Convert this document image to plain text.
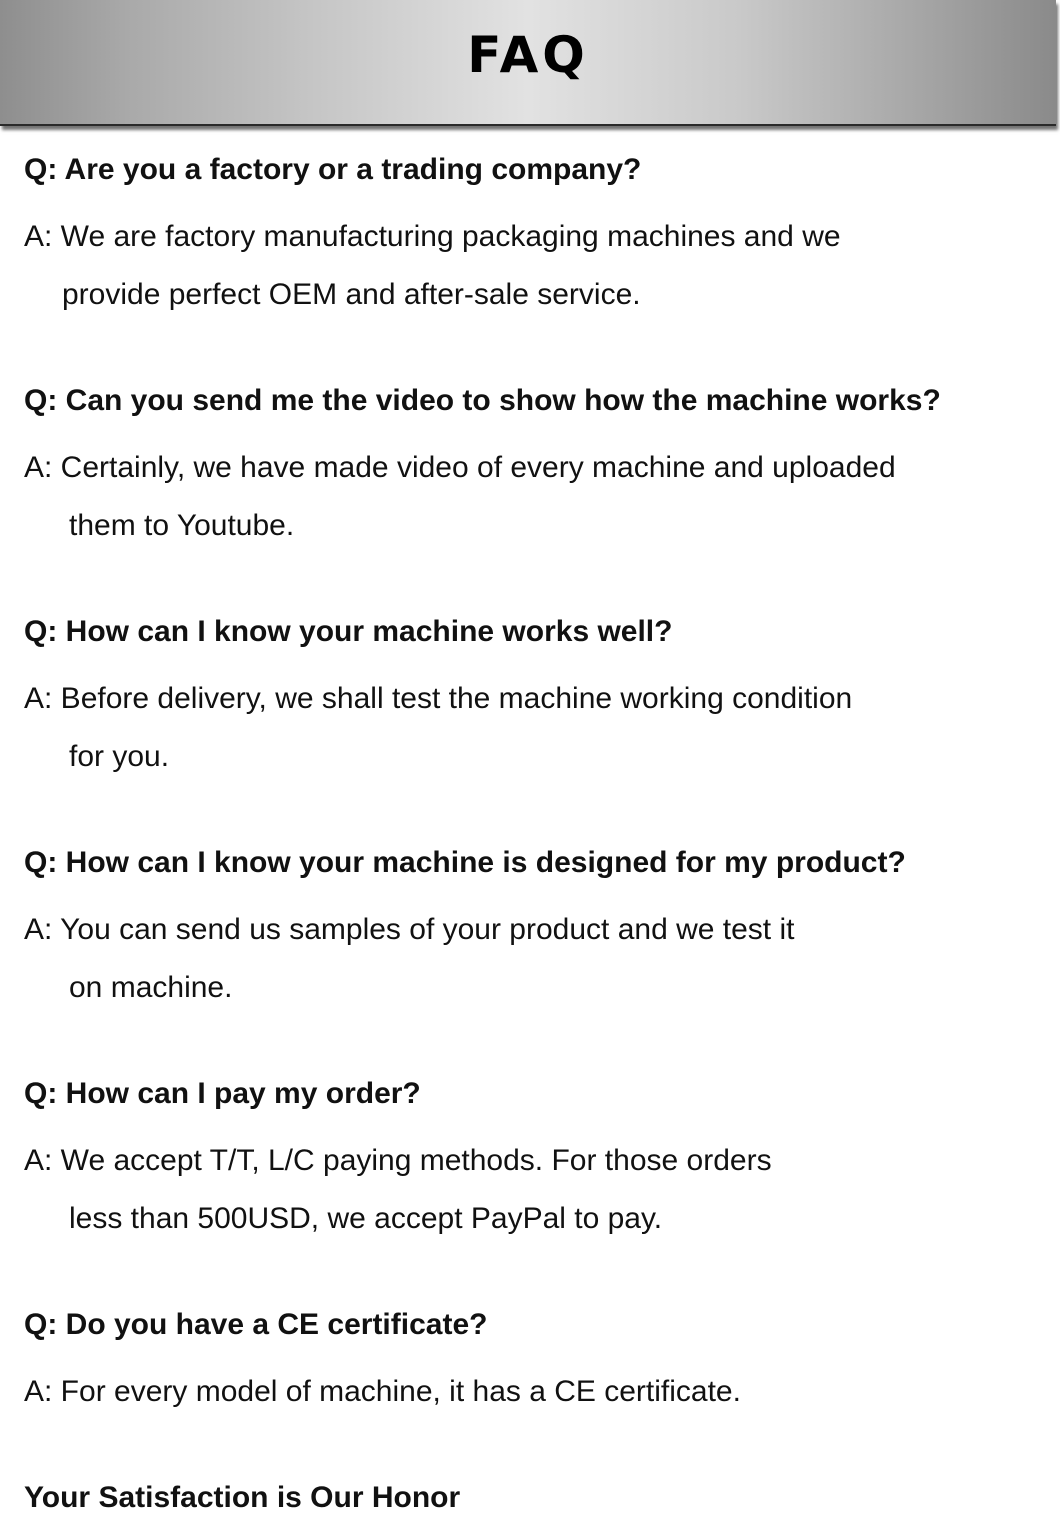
FAQ
Q: Are you a factory or a trading company?
A: We are factory manufacturing packaging machines and we
provide perfect OEM and after-sale service.
Q: Can you send me the video to show how the machine works?
A: Certainly, we have made video of every machine and uploaded
them to Youtube.
Q: How can I know your machine works well?
A: Before delivery, we shall test the machine working condition
for you.
Q: How can I know your machine is designed for my product?
A: You can send us samples of your product and we test it
on machine.
Q: How can I pay my order?
A: We accept T/T, L/C paying methods. For those orders
less than 500USD, we accept PayPal to pay.
Q: Do you have a CE certificate?
A: For every model of machine, it has a CE certificate.
Your Satisfaction is Our Honor
